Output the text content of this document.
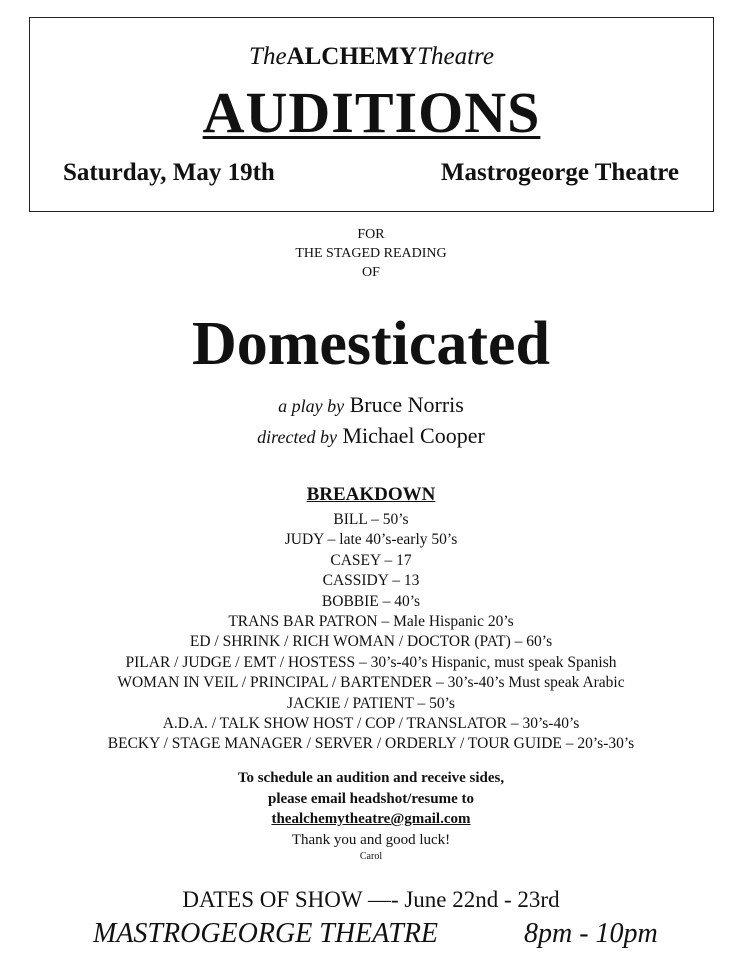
TheALCHEMYTheatre
AUDITIONS
Saturday, May 19th	Mastrogeorge Theatre
FOR
THE STAGED READING
OF
Domesticated
a play by Bruce Norris
directed by Michael Cooper
BREAKDOWN
BILL – 50’s
JUDY – late 40’s-early 50’s
CASEY – 17
CASSIDY – 13
BOBBIE – 40’s
TRANS BAR PATRON – Male Hispanic 20’s
ED / SHRINK / RICH WOMAN / DOCTOR (PAT) – 60’s
PILAR / JUDGE / EMT / HOSTESS – 30’s-40’s Hispanic, must speak Spanish
WOMAN IN VEIL / PRINCIPAL / BARTENDER – 30’s-40’s Must speak Arabic
JACKIE / PATIENT – 50’s
A.D.A. / TALK SHOW HOST / COP / TRANSLATOR – 30’s-40’s
BECKY / STAGE MANAGER / SERVER / ORDERLY / TOUR GUIDE – 20’s-30’s
To schedule an audition and receive sides,
please email headshot/resume to
thealchemytheatre@gmail.com
Thank you and good luck!
Carol
DATES OF SHOW —- June 22nd - 23rd
MASTROGEORGE THEATRE	8pm - 10pm
